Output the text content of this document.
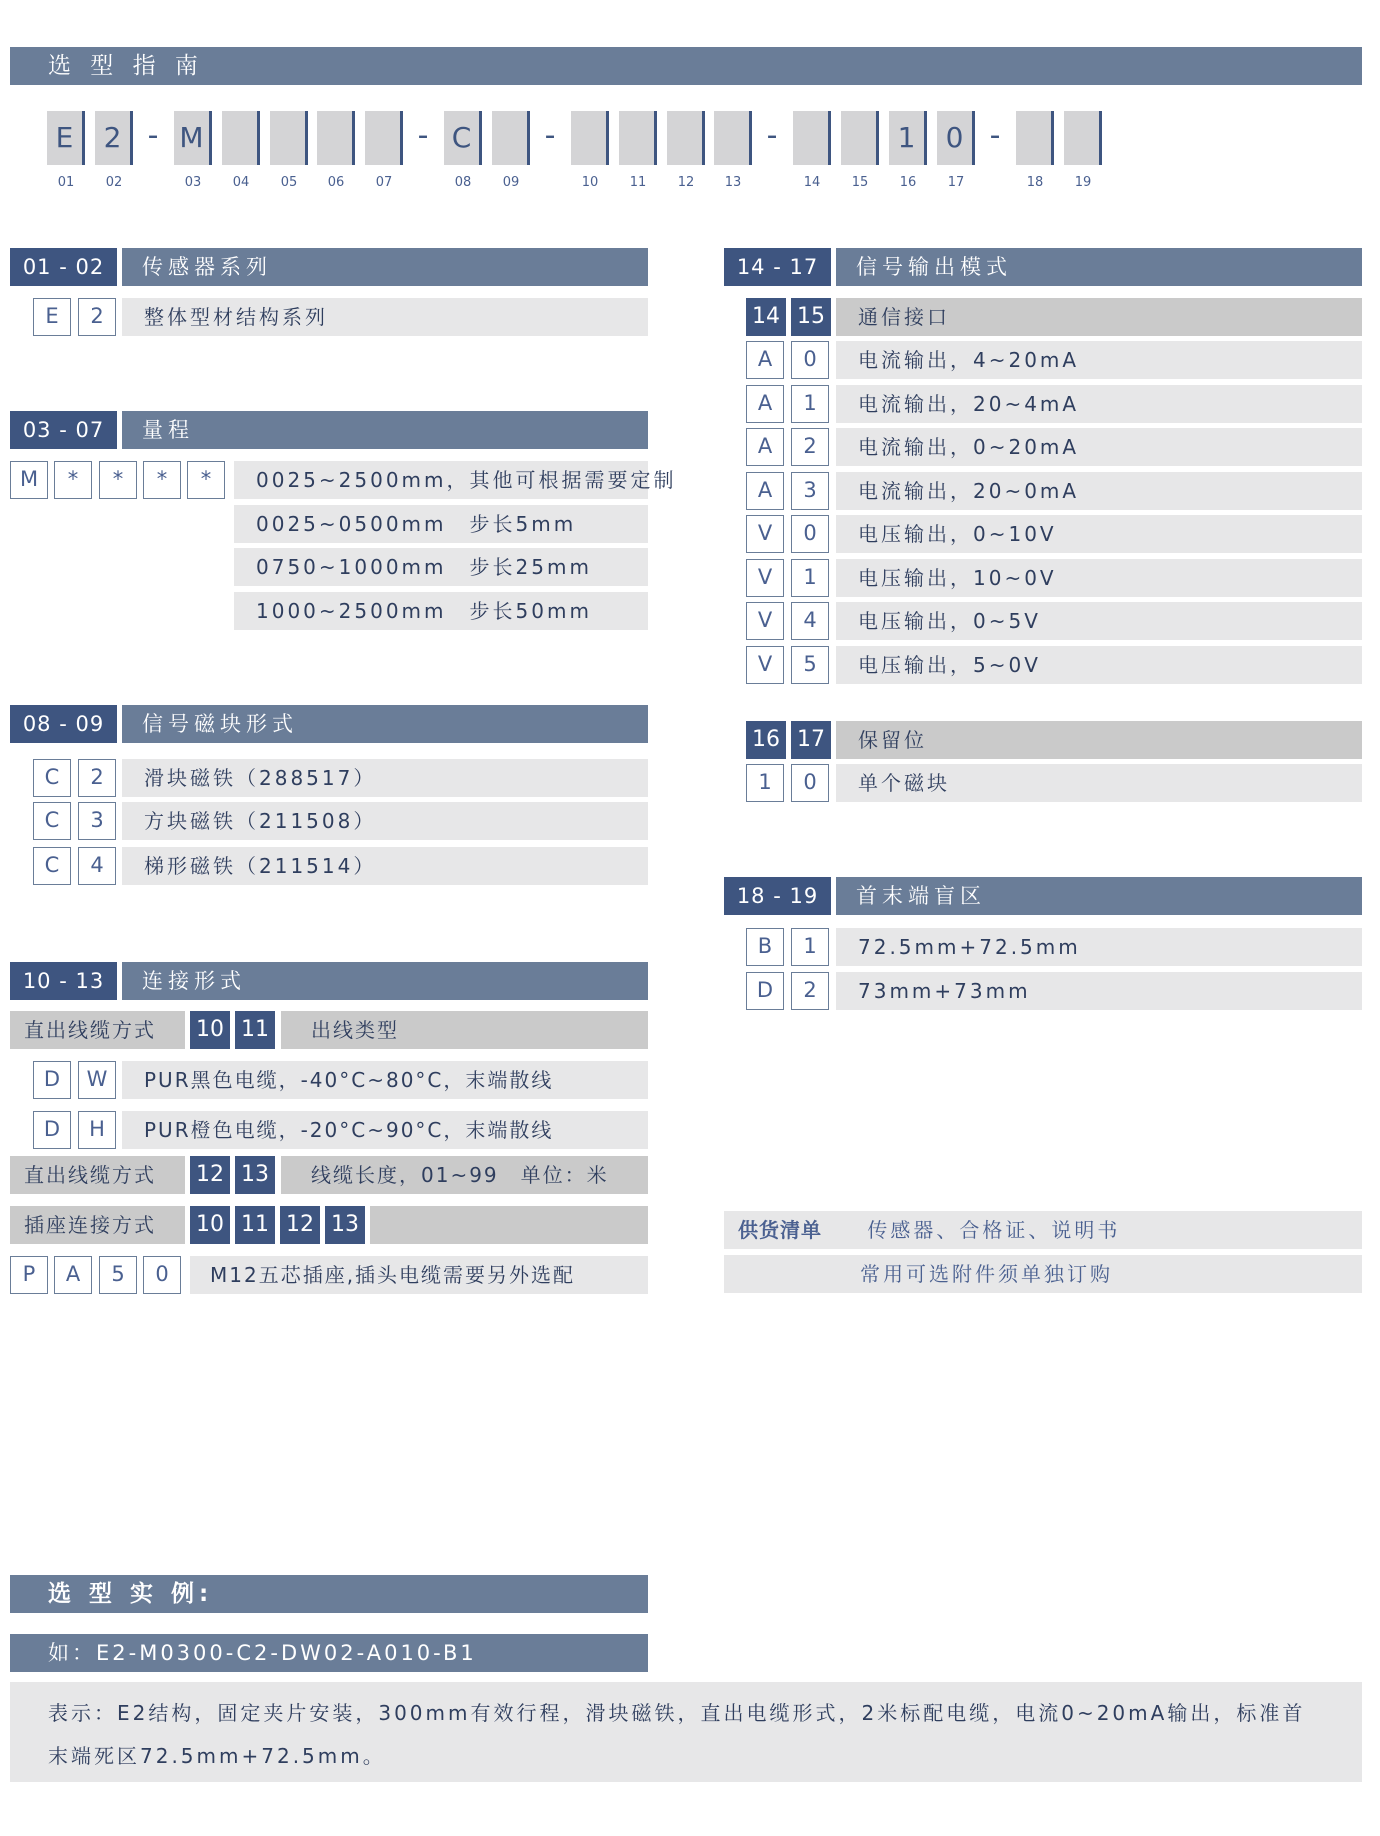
选 型 指 南
E	2 - M	- C	-	-	1	0 -
01	02	03	04	05	06	07	08	09	10	11	12	13	14	15	16	17	18	19
01 - 02	传感器系列
E	2	整体型材结构系列
03 - 07	量程
M	*	*	*	*	0025~2500mm，其他可根据需要定制
0025~0500mm　步长5mm
0750~1000mm　步长25mm
1000~2500mm　步长50mm
08 - 09	信号磁块形式
C	2	滑块磁铁（288517）
C	3	方块磁铁（211508）
C	4	梯形磁铁（211514）
10 - 13	连接形式
直出线缆方式	10 11	出线类型
D	W	PUR黑色电缆，-40°C~80°C，末端散线
D	H	PUR橙色电缆，-20°C~90°C，末端散线
直出线缆方式	12 13	线缆长度，01~99　单位：米
插座连接方式	10 11 12 13
P	A	5	0	M12五芯插座,插头电缆需要另外选配
14 - 17	信号输出模式
14 15	通信接口
A	0	电流输出，4~20mA
A	1	电流输出，20~4mA
A	2	电流输出，0~20mA
A	3	电流输出，20~0mA
V	0	电压输出，0~10V
V	1	电压输出，10~0V
V	4	电压输出，0~5V
V	5	电压输出，5~0V
16 17	保留位
1	0	单个磁块
18 - 19	首末端盲区
B	1	72.5mm+72.5mm
D	2	73mm+73mm
供货清单 传感器、合格证、说明书
常用可选附件须单独订购
选 型 实 例:
如：E2-M0300-C2-DW02-A010-B1
表示：E2结构，固定夹片安装，300mm有效行程，滑块磁铁，直出电缆形式，2米标配电缆，电流0~20mA输出，标准首末端死区72.5mm+72.5mm。
